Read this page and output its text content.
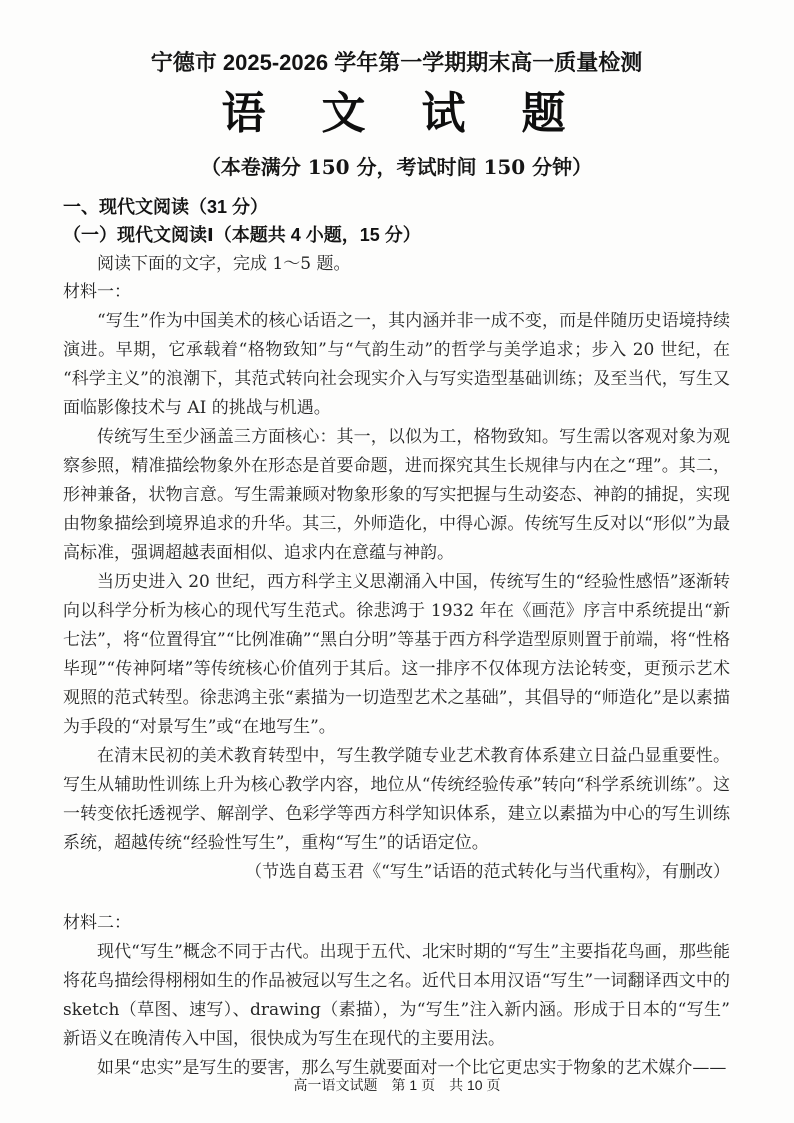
宁德市 2025-2026 学年第一学期期末高一质量检测
语　文　试　题
（本卷满分 150 分，考试时间 150 分钟）
一、现代文阅读（31 分）
（一）现代文阅读Ⅰ（本题共 4 小题，15 分）
阅读下面的文字，完成 1～5 题。
材料一：

“写生”作为中国美术的核心话语之一，其内涵并非一成不变，而是伴随历史语境持续演进。早期，它承载着“格物致知”与“气韵生动”的哲学与美学追求；步入 20 世纪，在“科学主义”的浪潮下，其范式转向社会现实介入与写实造型基础训练；及至当代，写生又面临影像技术与 AI 的挑战与机遇。

传统写生至少涵盖三方面核心：其一，以似为工，格物致知。写生需以客观对象为观察参照，精准描绘物象外在形态是首要命题，进而探究其生长规律与内在之“理”。其二，形神兼备，状物言意。写生需兼顾对物象形象的写实把握与生动姿态、神韵的捕捉，实现由物象描绘到境界追求的升华。其三，外师造化，中得心源。传统写生反对以“形似”为最高标准，强调超越表面相似、追求内在意蕴与神韵。

当历史进入 20 世纪，西方科学主义思潮涌入中国，传统写生的“经验性感悟”逐渐转向以科学分析为核心的现代写生范式。徐悲鸿于 1932 年在《画范》序言中系统提出“新七法”，将“位置得宜”“比例准确”“黑白分明”等基于西方科学造型原则置于前端，将“性格毕现”“传神阿堵”等传统核心价值列于其后。这一排序不仅体现方法论转变，更预示艺术观照的范式转型。徐悲鸿主张“素描为一切造型艺术之基础”，其倡导的“师造化”是以素描为手段的“对景写生”或“在地写生”。

在清末民初的美术教育转型中，写生教学随专业艺术教育体系建立日益凸显重要性。写生从辅助性训练上升为核心教学内容，地位从“传统经验传承”转向“科学系统训练”。这一转变依托透视学、解剖学、色彩学等西方科学知识体系，建立以素描为中心的写生训练系统，超越传统“经验性写生”，重构“写生”的话语定位。

（节选自葛玉君《“写生”话语的范式转化与当代重构》，有删改）

材料二：

现代“写生”概念不同于古代。出现于五代、北宋时期的“写生”主要指花鸟画，那些能将花鸟描绘得栩栩如生的作品被冠以写生之名。近代日本用汉语“写生”一词翻译西文中的 sketch（草图、速写）、drawing（素描），为“写生”注入新内涵。形成于日本的“写生”新语义在晚清传入中国，很快成为写生在现代的主要用法。

如果“忠实”是写生的要害，那么写生就要面对一个比它更忠实于物象的艺术媒介——

高一语文试题　第 1 页　共 10 页
